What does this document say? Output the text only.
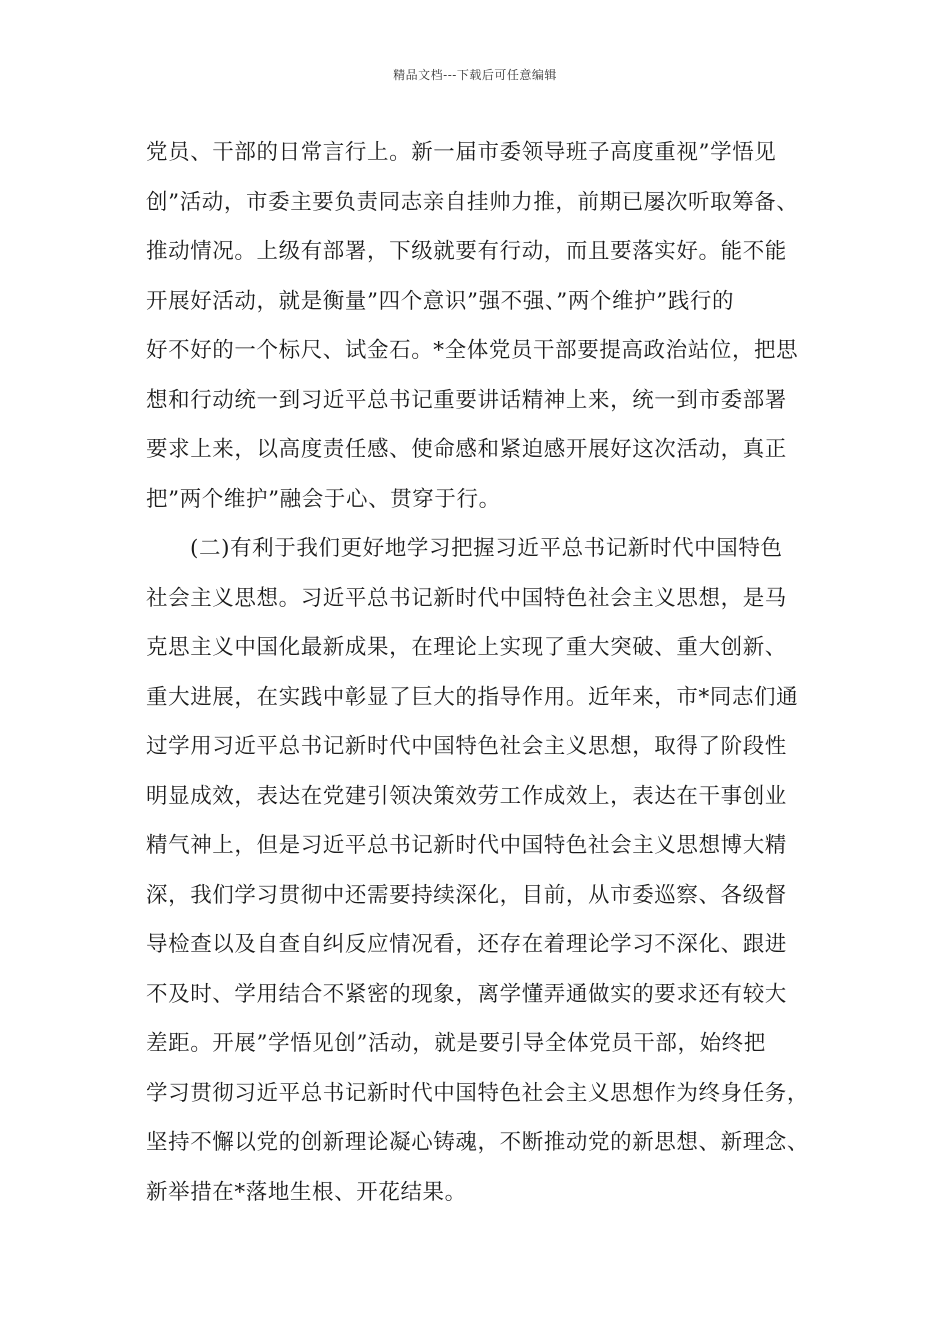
精品文档---下载后可任意编辑
党员、干部的日常言行上。新一届市委领导班子高度重视”学悟见
创”活动，市委主要负责同志亲自挂帅力推，前期已屡次听取筹备、
推动情况。上级有部署，下级就要有行动，而且要落实好。能不能
开展好活动，就是衡量”四个意识”强不强、”两个维护”践行的
好不好的一个标尺、试金石。*全体党员干部要提高政治站位，把思
想和行动统一到习近平总书记重要讲话精神上来，统一到市委部署
要求上来，以高度责任感、使命感和紧迫感开展好这次活动，真正
把”两个维护”融会于心、贯穿于行。
(二)有利于我们更好地学习把握习近平总书记新时代中国特色
社会主义思想。习近平总书记新时代中国特色社会主义思想，是马
克思主义中国化最新成果，在理论上实现了重大突破、重大创新、
重大进展，在实践中彰显了巨大的指导作用。近年来，市*同志们通
过学用习近平总书记新时代中国特色社会主义思想，取得了阶段性
明显成效，表达在党建引领决策效劳工作成效上，表达在干事创业
精气神上，但是习近平总书记新时代中国特色社会主义思想博大精
深，我们学习贯彻中还需要持续深化，目前，从市委巡察、各级督
导检查以及自查自纠反应情况看，还存在着理论学习不深化、跟进
不及时、学用结合不紧密的现象，离学懂弄通做实的要求还有较大
差距。开展”学悟见创”活动，就是要引导全体党员干部，始终把
学习贯彻习近平总书记新时代中国特色社会主义思想作为终身任务，
坚持不懈以党的创新理论凝心铸魂，不断推动党的新思想、新理念、
新举措在*落地生根、开花结果。
